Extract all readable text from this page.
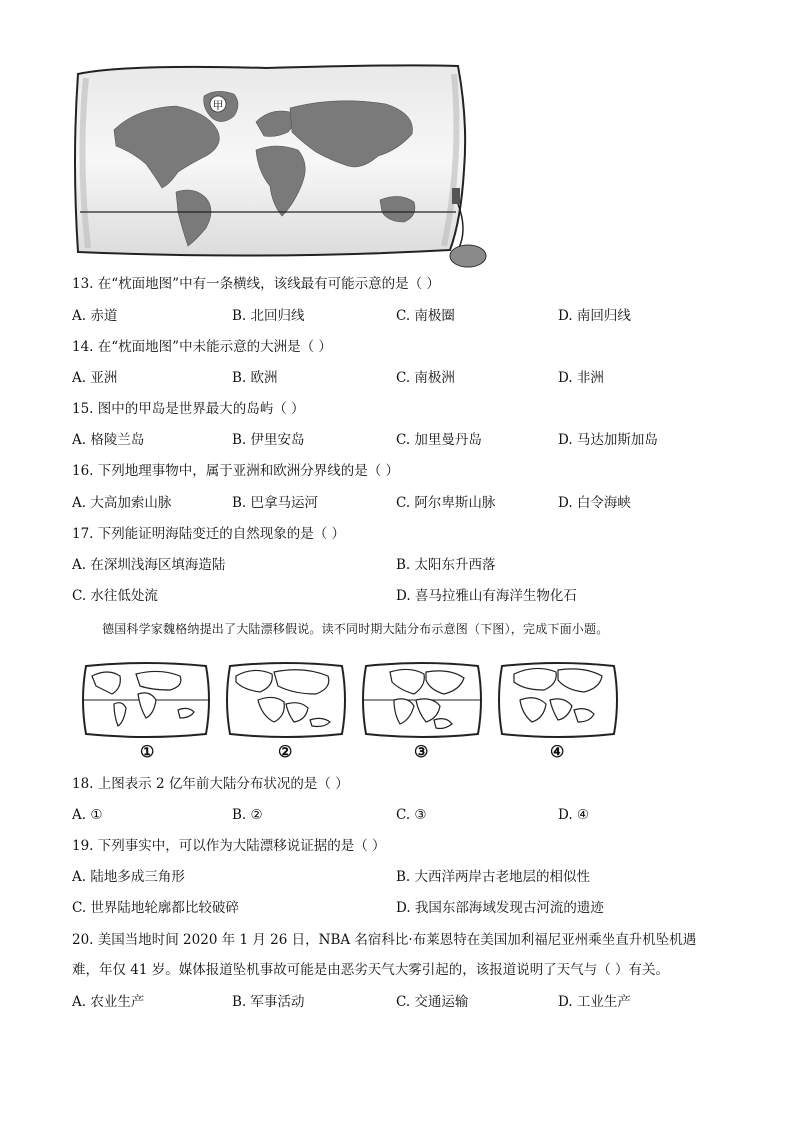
甲
13. 在“枕面地图”中有一条横线，该线最有可能示意的是（ ）
A. 赤道	B. 北回归线	C. 南极圈	D. 南回归线
14. 在“枕面地图”中未能示意的大洲是（ ）
A. 亚洲	B. 欧洲	C. 南极洲	D. 非洲
15. 图中的甲岛是世界最大的岛屿（ ）
A. 格陵兰岛	B. 伊里安岛	C. 加里曼丹岛	D. 马达加斯加岛
16. 下列地理事物中，属于亚洲和欧洲分界线的是（ ）
A. 大高加索山脉	B. 巴拿马运河	C. 阿尔卑斯山脉	D. 白令海峡
17. 下列能证明海陆变迁的自然现象的是（ ）
A. 在深圳浅海区填海造陆	B. 太阳东升西落
C. 水往低处流	D. 喜马拉雅山有海洋生物化石
德国科学家魏格纳提出了大陆漂移假说。读不同时期大陆分布示意图（下图），完成下面小题。
①	②	③	④
18. 上图表示 2 亿年前大陆分布状况的是（ ）
A. ①	B. ②	C. ③	D. ④
19. 下列事实中，可以作为大陆漂移说证据的是（ ）
A. 陆地多成三角形	B. 大西洋两岸古老地层的相似性
C. 世界陆地轮廓都比较破碎	D. 我国东部海域发现古河流的遗迹
20. 美国当地时间 2020 年 1 月 26 日，NBA 名宿科比·布莱恩特在美国加利福尼亚州乘坐直升机坠机遇难，年仅 41 岁。媒体报道坠机事故可能是由恶劣天气大雾引起的，该报道说明了天气与（ ）有关。
A. 农业生产	B. 军事活动	C. 交通运输	D. 工业生产
